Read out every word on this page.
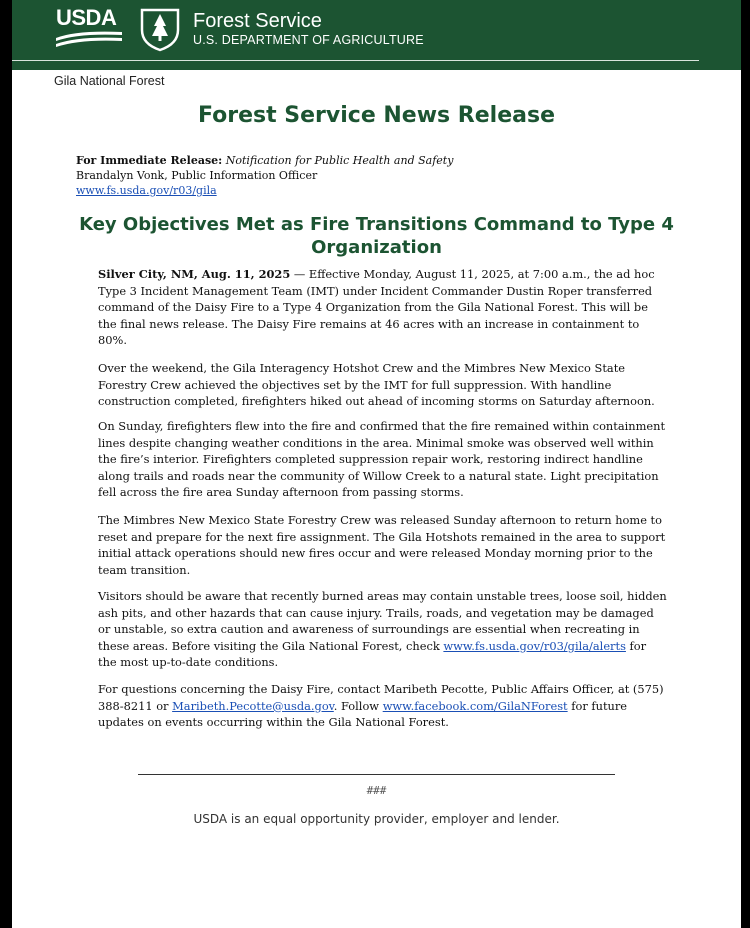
USDA	Forest Service
U.S. DEPARTMENT OF AGRICULTURE
Gila National Forest
Forest Service News Release
For Immediate Release: Notification for Public Health and Safety
Brandalyn Vonk, Public Information Officer
www.fs.usda.gov/r03/gila
Key Objectives Met as Fire Transitions Command to Type 4 Organization

Silver City, NM, Aug. 11, 2025 — Effective Monday, August 11, 2025, at 7:00 a.m., the ad hoc Type 3 Incident Management Team (IMT) under Incident Commander Dustin Roper transferred command of the Daisy Fire to a Type 4 Organization from the Gila National Forest. This will be the final news release. The Daisy Fire remains at 46 acres with an increase in containment to 80%.

Over the weekend, the Gila Interagency Hotshot Crew and the Mimbres New Mexico State Forestry Crew achieved the objectives set by the IMT for full suppression. With handline construction completed, firefighters hiked out ahead of incoming storms on Saturday afternoon.

On Sunday, firefighters flew into the fire and confirmed that the fire remained within containment lines despite changing weather conditions in the area. Minimal smoke was observed well within the fire’s interior. Firefighters completed suppression repair work, restoring indirect handline along trails and roads near the community of Willow Creek to a natural state. Light precipitation fell across the fire area Sunday afternoon from passing storms.

The Mimbres New Mexico State Forestry Crew was released Sunday afternoon to return home to reset and prepare for the next fire assignment. The Gila Hotshots remained in the area to support initial attack operations should new fires occur and were released Monday morning prior to the team transition.

Visitors should be aware that recently burned areas may contain unstable trees, loose soil, hidden ash pits, and other hazards that can cause injury. Trails, roads, and vegetation may be damaged or unstable, so extra caution and awareness of surroundings are essential when recreating in these areas. Before visiting the Gila National Forest, check www.fs.usda.gov/r03/gila/alerts for the most up-to-date conditions.

For questions concerning the Daisy Fire, contact Maribeth Pecotte, Public Affairs Officer, at (575) 388-8211 or Maribeth.Pecotte@usda.gov. Follow www.facebook.com/GilaNForest for future updates on events occurring within the Gila National Forest.

###
USDA is an equal opportunity provider, employer and lender.
